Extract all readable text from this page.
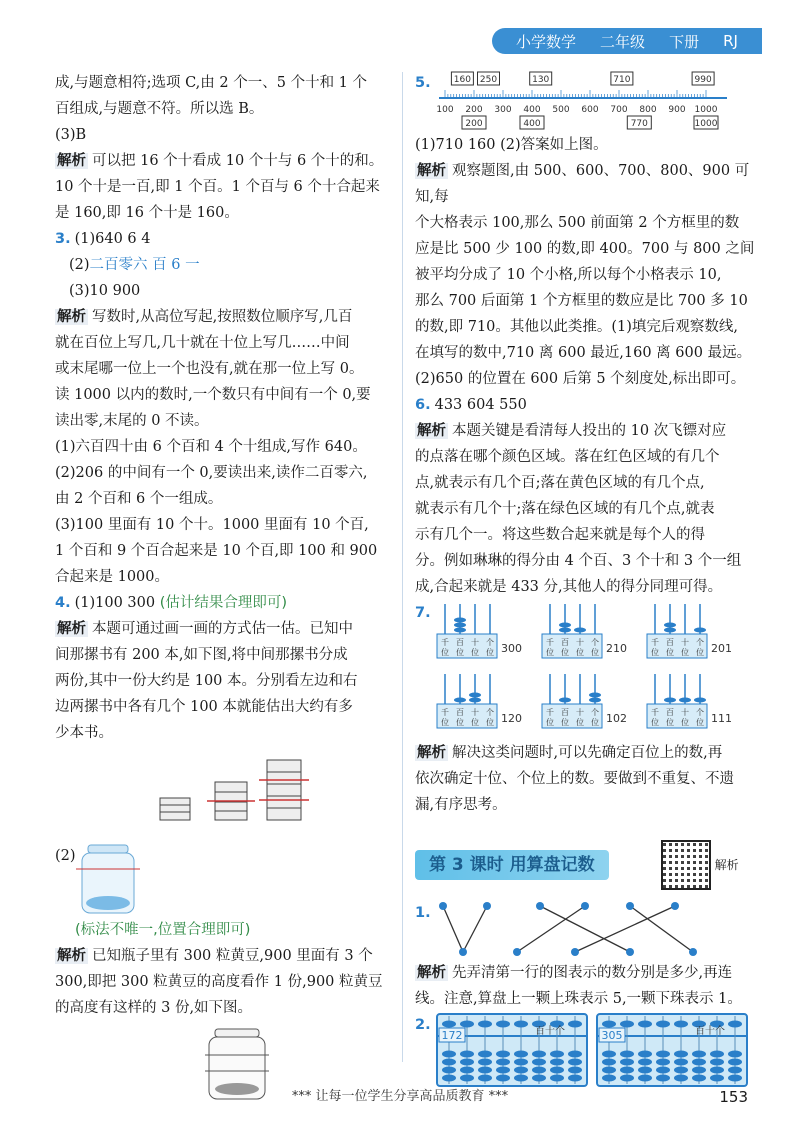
小学数学 二年级 下册 RJ

成,与题意相符;选项 C,由 2 个一、5 个十和 1 个

百组成,与题意不符。所以选 B。

(3)B

解析 可以把 16 个十看成 10 个十与 6 个十的和。

10 个十是一百,即 1 个百。1 个百与 6 个十合起来

是 160,即 16 个十是 160。

3. (1)640 6 4

(2)二百零六 百 6 一

(3)10 900

解析 写数时,从高位写起,按照数位顺序写,几百

就在百位上写几,几十就在十位上写几……中间

或末尾哪一位上一个也没有,就在那一位上写 0。

读 1000 以内的数时,一个数只有中间有一个 0,要

读出零,末尾的 0 不读。

(1)六百四十由 6 个百和 4 个十组成,写作 640。

(2)206 的中间有一个 0,要读出来,读作二百零六,

由 2 个百和 6 个一组成。

(3)100 里面有 10 个十。1000 里面有 10 个百,

1 个百和 9 个百合起来是 10 个百,即 100 和 900

合起来是 1000。

4. (1)100 300 (估计结果合理即可)

解析 本题可通过画一画的方式估一估。已知中

间那摞书有 200 本,如下图,将中间那摞书分成

两份,其中一份大约是 100 本。分别看左边和右

边两摞书中各有几个 100 本就能估出大约有多

少本书。

(2)

(标法不唯一,位置合理即可)

解析 已知瓶子里有 300 粒黄豆,900 里面有 3 个

300,即把 300 粒黄豆的高度看作 1 份,900 粒黄豆

的高度有这样的 3 份,如下图。

5.
100 200 300 400 500 600 700 800 900 1000
160 250	130	710	990
200	400	770	1000

(1)710 160 (2)答案如上图。

解析 观察题图,由 500、600、700、800、900 可知,每

个大格表示 100,那么 500 前面第 2 个方框里的数

应是比 500 少 100 的数,即 400。700 与 800 之间

被平均分成了 10 个小格,所以每个小格表示 10,

那么 700 后面第 1 个方框里的数应是比 700 多 10

的数,即 710。其他以此类推。(1)填完后观察数线,

在填写的数中,710 离 600 最近,160 离 600 最远。

(2)650 的位置在 600 后第 5 个刻度处,标出即可。

6. 433 604 550

解析 本题关键是看清每人投出的 10 次飞镖对应

的点落在哪个颜色区域。落在红色区域的有几个

点,就表示有几个百;落在黄色区域的有几个点,

就表示有几个十;落在绿色区域的有几个点,就表

示有几个一。将这些数合起来就是每个人的得

分。例如琳琳的得分由 4 个百、3 个十和 3 个一组

成,合起来就是 433 分,其他人的得分同理可得。

7.
千
位
百
位
十
位
个
位 300	千
位
百
位
十
位
个
位 210	千
位
百
位
十
位
个
位 201
千
位
百
位
十
位
个
位 120	千
位
百
位
十
位
个
位 102	千
位
百
位
十
位
个
位 111

解析 解决这类问题时,可以先确定百位上的数,再

依次确定十位、个位上的数。要做到不重复、不遗

漏,有序思考。

第 3 课时 用算盘记数	解析
1.

解析 先弄清第一行的图表示的数分别是多少,再连

线。注意,算盘上一颗上珠表示 5,一颗下珠表示 1。

2.
172	百十个	305	百十个
*** 让每一位学生分享高品质教育 ***	153
